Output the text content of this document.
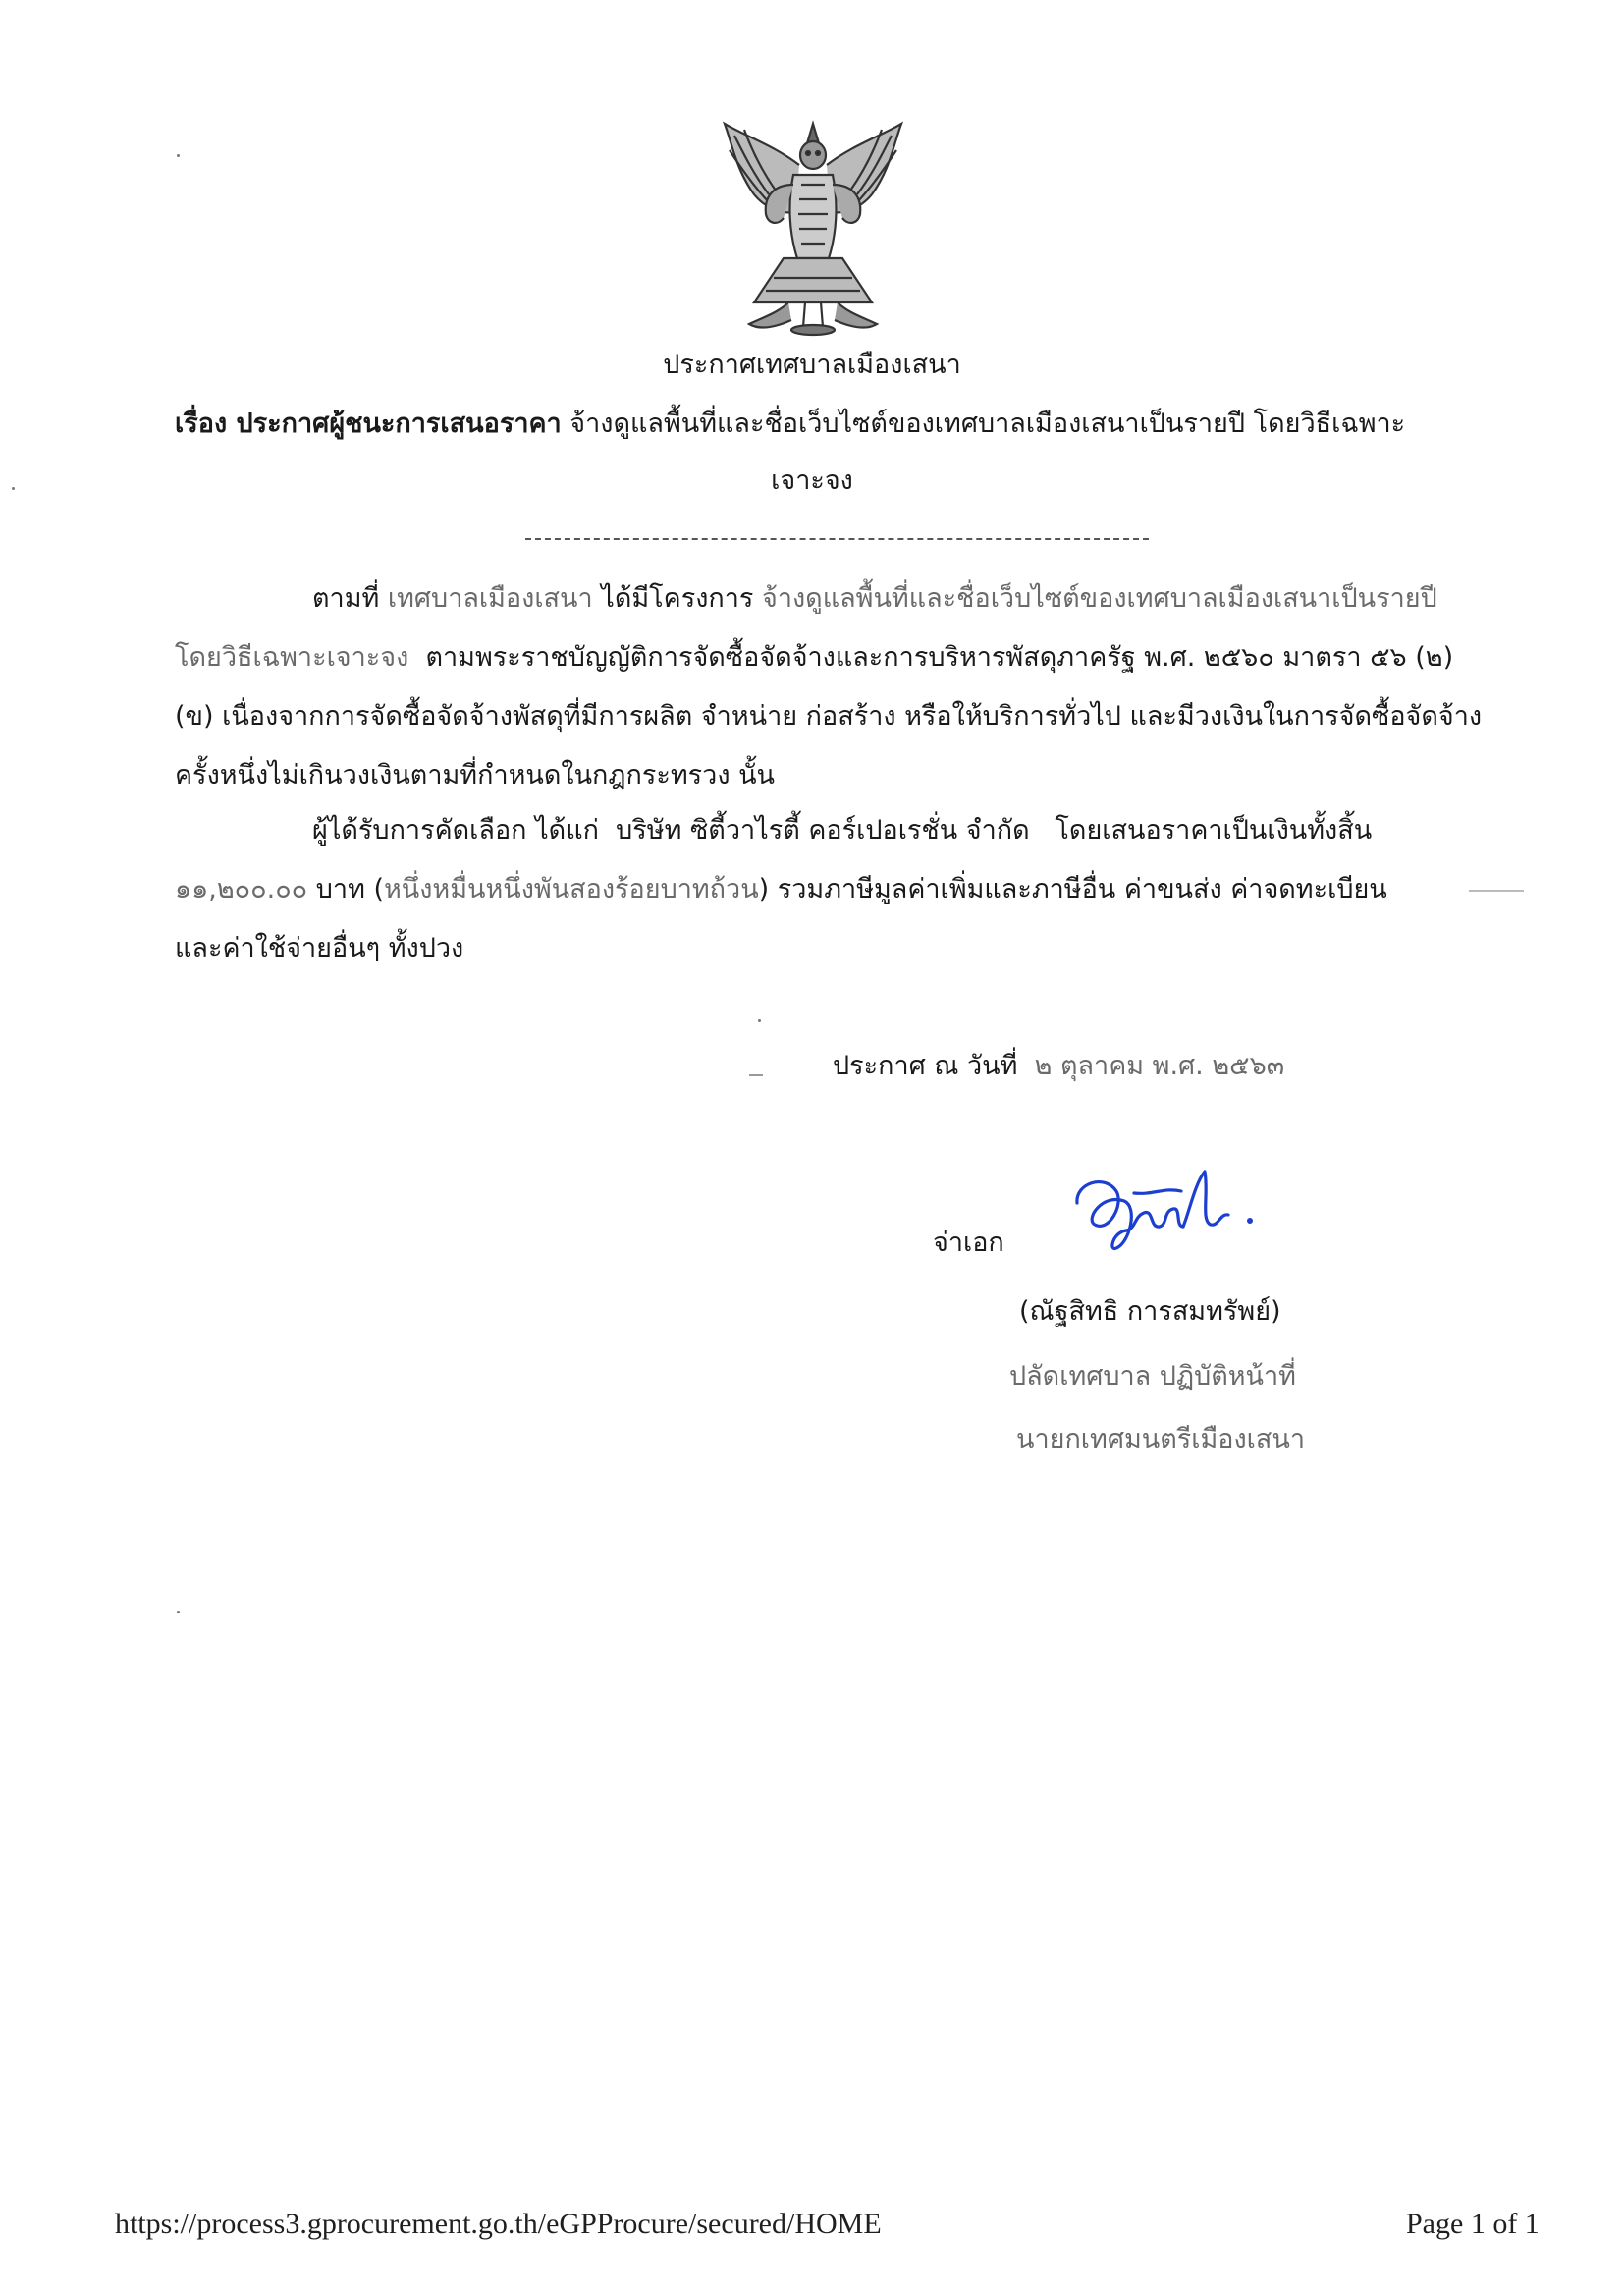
ประกาศเทศบาลเมืองเสนา
เรื่อง ประกาศผู้ชนะการเสนอราคา จ้างดูแลพื้นที่และชื่อเว็บไซต์ของเทศบาลเมืองเสนาเป็นรายปี โดยวิธีเฉพาะ
เจาะจง
ตามที่ เทศบาลเมืองเสนา ได้มีโครงการ จ้างดูแลพื้นที่และชื่อเว็บไซต์ของเทศบาลเมืองเสนาเป็นรายปี
โดยวิธีเฉพาะเจาะจง ตามพระราชบัญญัติการจัดซื้อจัดจ้างและการบริหารพัสดุภาครัฐ พ.ศ. ๒๕๖๐ มาตรา ๕๖ (๒)
(ข) เนื่องจากการจัดซื้อจัดจ้างพัสดุที่มีการผลิต จำหน่าย ก่อสร้าง หรือให้บริการทั่วไป และมีวงเงินในการจัดซื้อจัดจ้าง
ครั้งหนึ่งไม่เกินวงเงินตามที่กำหนดในกฎกระทรวง นั้น
ผู้ได้รับการคัดเลือก ได้แก่ บริษัท ซิตี้วาไรตี้ คอร์เปอเรชั่น จำกัด โดยเสนอราคาเป็นเงินทั้งสิ้น
๑๑,๒๐๐.๐๐ บาท (หนึ่งหมื่นหนึ่งพันสองร้อยบาทถ้วน) รวมภาษีมูลค่าเพิ่มและภาษีอื่น ค่าขนส่ง ค่าจดทะเบียน
และค่าใช้จ่ายอื่นๆ ทั้งปวง
ประกาศ ณ วันที่ ๒ ตุลาคม พ.ศ. ๒๕๖๓
จ่าเอก
(ณัฐสิทธิ การสมทรัพย์)
ปลัดเทศบาล ปฏิบัติหน้าที่
นายกเทศมนตรีเมืองเสนา
https://process3.gprocurement.go.th/eGPProcure/secured/HOME	Page 1 of 1
